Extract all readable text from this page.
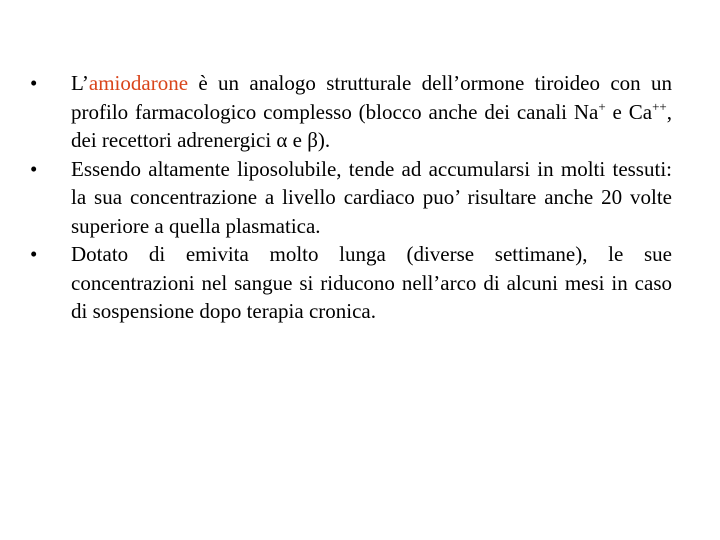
•	L’amiodarone è un analogo strutturale dell’ormone tiroideo con un profilo farmacologico complesso (blocco anche dei canali Na+ e Ca++, dei recettori adrenergici α e β).
•	Essendo altamente liposolubile, tende ad accumularsi in molti tessuti: la sua concentrazione a livello cardiaco puo’ risultare anche 20 volte superiore a quella plasmatica.
•	Dotato di emivita molto lunga (diverse settimane), le sue concentrazioni nel sangue si riducono nell’arco di alcuni mesi in caso di sospensione dopo terapia cronica.
